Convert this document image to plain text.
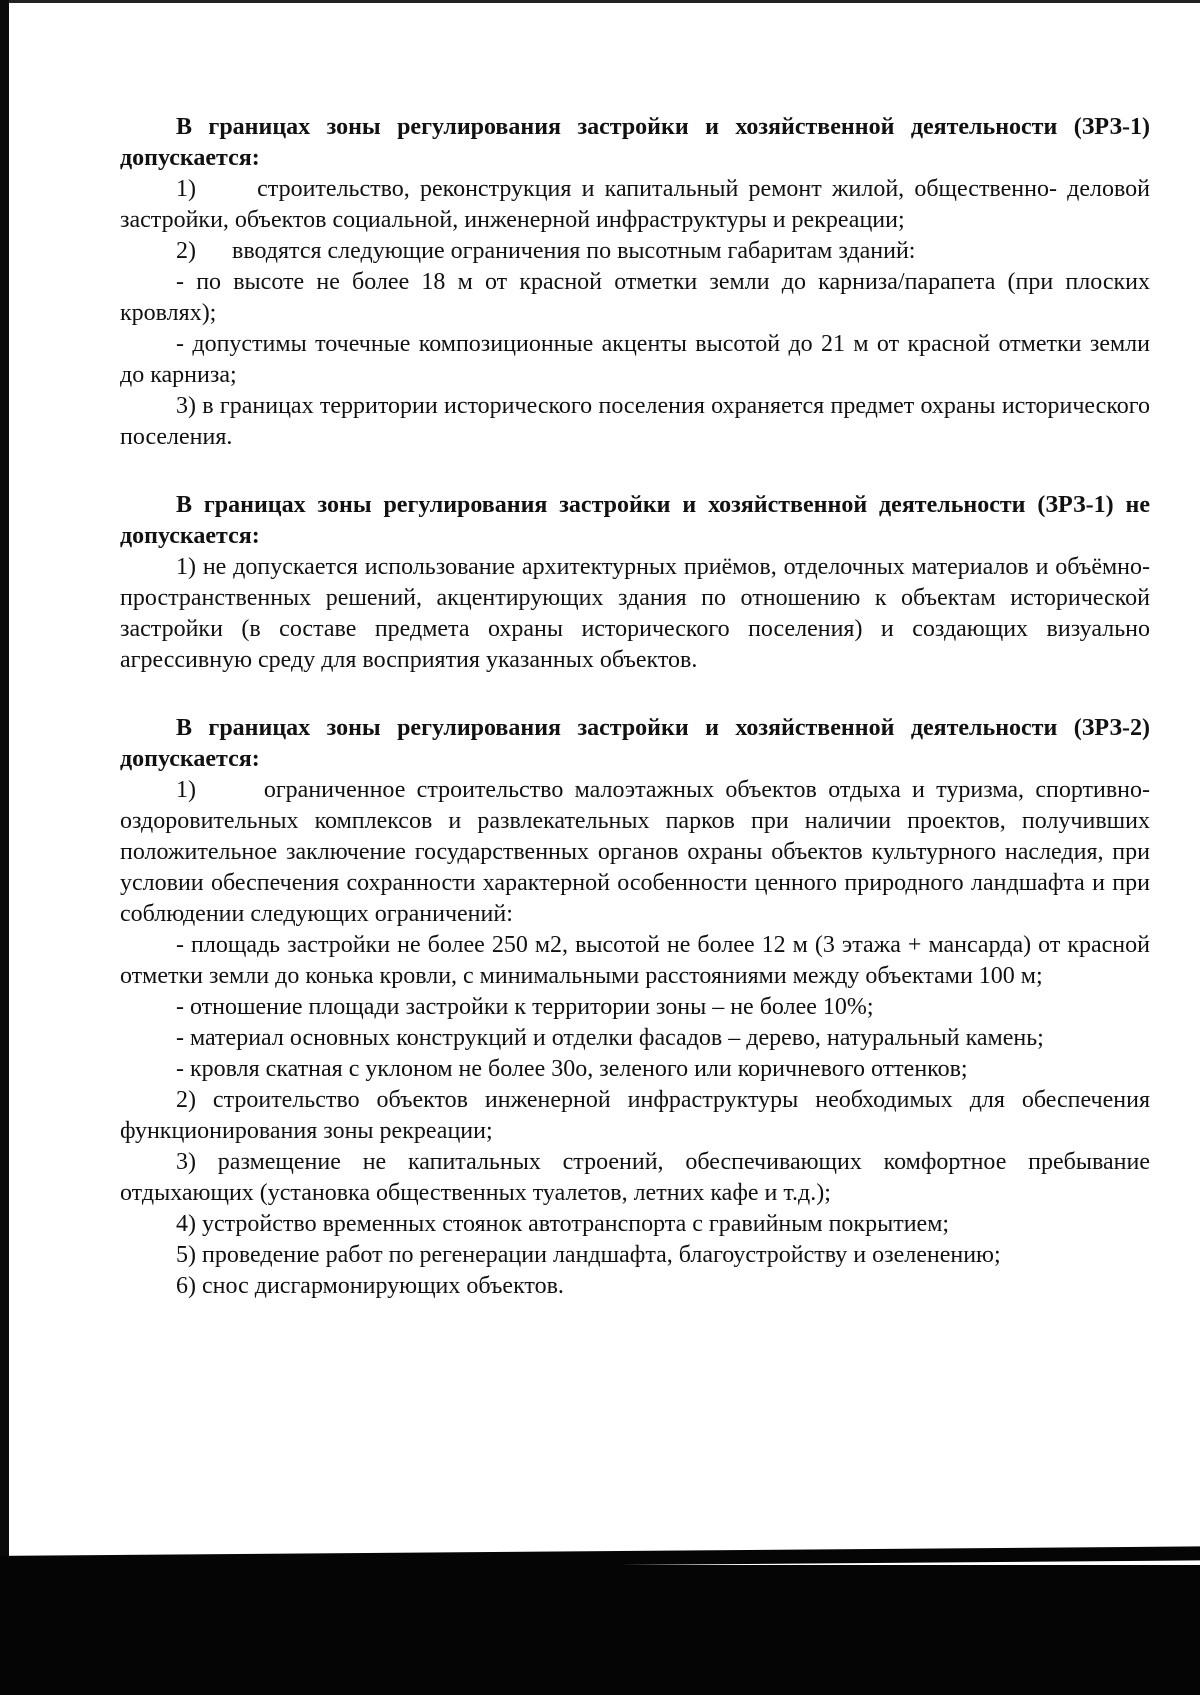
В границах зоны регулирования застройки и хозяйственной деятельности (ЗРЗ-1) допускается:

1)      строительство, реконструкция и капитальный ремонт жилой, общественно- деловой застройки, объектов социальной, инженерной инфраструктуры и рекреации;

2)      вводятся следующие ограничения по высотным габаритам зданий:

- по высоте не более 18 м от красной отметки земли до карниза/парапета (при плоских кровлях);

- допустимы точечные композиционные акценты высотой до 21 м от красной отметки земли до карниза;

3) в границах территории исторического поселения охраняется предмет охраны исторического поселения.

В границах зоны регулирования застройки и хозяйственной деятельности (ЗРЗ-1) не допускается:

1) не допускается использование архитектурных приёмов, отделочных материалов и объёмно-пространственных решений, акцентирующих здания по отношению к объектам исторической застройки (в составе предмета охраны исторического поселения) и создающих визуально агрессивную среду для восприятия указанных объектов.

В границах зоны регулирования застройки и хозяйственной деятельности (ЗРЗ-2) допускается:

1)      ограниченное строительство малоэтажных объектов отдыха и туризма, спортивно-оздоровительных комплексов и развлекательных парков при наличии проектов, получивших положительное заключение государственных органов охраны объектов культурного наследия, при условии обеспечения сохранности характерной особенности ценного природного ландшафта и при соблюдении следующих ограничений:

- площадь застройки не более 250 м2, высотой не более 12 м (3 этажа + мансарда) от красной отметки земли до конька кровли, с минимальными расстояниями между объектами 100 м;

- отношение площади застройки к территории зоны – не более 10%;

- материал основных конструкций и отделки фасадов – дерево, натуральный камень;

- кровля скатная с уклоном не более 30о, зеленого или коричневого оттенков;

2) строительство объектов инженерной инфраструктуры необходимых для обеспечения функционирования зоны рекреации;

3) размещение не капитальных строений, обеспечивающих комфортное пребывание отдыхающих (установка общественных туалетов, летних кафе и т.д.);

4) устройство временных стоянок автотранспорта с гравийным покрытием;

5) проведение работ по регенерации ландшафта, благоустройству и озеленению;

6) снос дисгармонирующих объектов.
